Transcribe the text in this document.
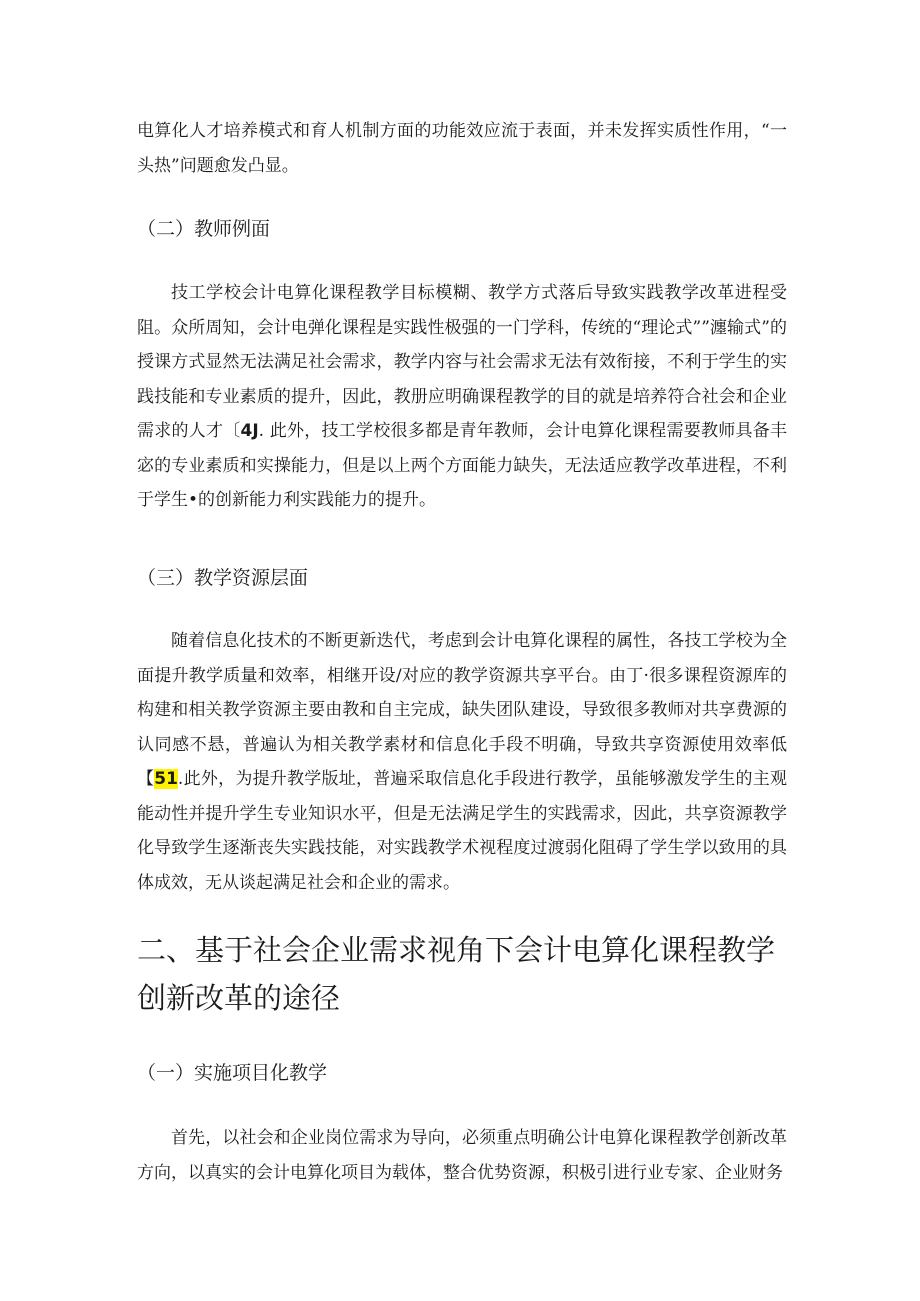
电算化人才培养模式和育人机制方面的功能效应流于表面，并未发挥实质性作用，“一头热”问题愈发凸显。

（二）教师例面

技工学校会计电算化课程教学目标模糊、教学方式落后导致实践教学改革进程受阻。众所周知，会计电弹化课程是实践性极强的一门学科，传统的“理论式””瀍输式”的授课方式显然无法满足社会需求，教学内容与社会需求无法有效衔接，不利于学生的实践技能和专业素质的提升，因此，教册应明确课程教学的目的就是培养符合社会和企业需求的人才〔4J. 此外，技工学校很多都是青年教师，会计电算化课程需要教师具备丰宓的专业素质和实操能力，但是以上两个方面能力缺失，无法适应教学改革进程，不利于学生•的创新能力利实践能力的提升。

（三）教学资源层面

随着信息化技术的不断更新迭代，考虑到会计电算化课程的属性，各技工学校为全面提升教学质量和效率，相继开设/对应的教学资源共享平台。由丁·很多课程资源库的构建和相关教学资源主要由教和自主完成，缺失团队建设，导致很多教师对共享费源的认同感不悬，普遍认为相关教学素材和信息化手段不明确，导致共享资源使用效率低【51.此外，为提升教学版址，普遍采取信息化手段进行教学，虽能够激发学生的主观能动性并提升学生专业知识水平，但是无法满足学生的实践需求，因此，共享资源教学化导致学生逐渐丧失实践技能，对实践教学术视程度过渡弱化阻碍了学生学以致用的具体成效，无从谈起满足社会和企业的需求。

二、基于社会企业需求视角下会计电算化课程教学创新改革的途径
（一）实施项目化教学

首先，以社会和企业岗位需求为导向，必须重点明确公计电算化课程教学创新改革方向，以真实的会计电算化项目为载体，整合优势资源，积极引进行业专家、企业财务
